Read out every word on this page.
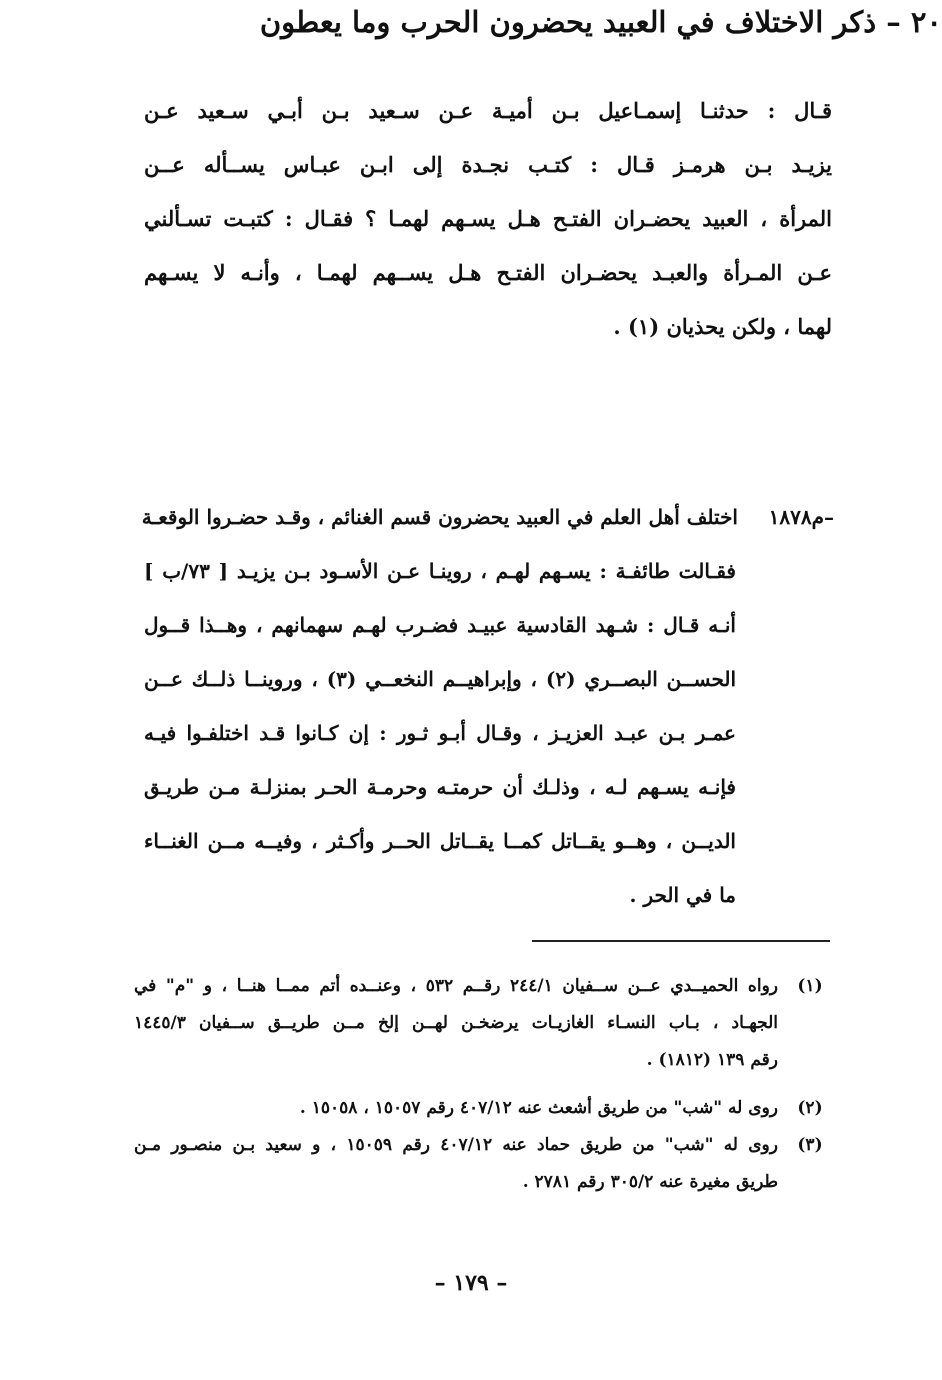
قـال : حدثنـا إسمـاعيل بـن أميـة عـن سـعيد بـن أبـي سـعيد عـن
يزيـد بـن هرمـز قـال : كتـب نجـدة إلى ابـن عبـاس يســأله عــن
المرأة ، العبيد يحضـران الفتـح هـل يسـهم لهمـا ؟ فقـال : كتبـت تسـألني
عـن المـرأة والعبـد يحضـران الفتـح هـل يســهم لهمـا ، وأنـه لا يسـهم
لهما ، ولكن يحذيان (١) .
٢٠ – ذكر الاختلاف في العبيد يحضرون الحرب وما يعطون
م١٨٧٨–
اختلف أهل العلم في العبيد يحضرون قسم الغنائم ، وقـد حضـروا الوقعـة
فقـالت طائفـة : يسـهم لهـم ، روينـا عـن الأسـود بـن يزيـد [ ٧٣/ب ]
أنـه قـال : شـهد القادسية عبيـد فضـرب لهـم سهمانهم ، وهــذا قــول
الحســن البصــري (٢) ، وإبراهيــم النخعــي (٣) ، وروينــا ذلــك عــن
عمـر بـن عبـد العزيـز ، وقـال أبـو ثـور : إن كـانوا قـد اختلفـوا فيـه
فإنـه يسـهم لـه ، وذلـك أن حرمتـه وحرمـة الحـر بمنزلـة مـن طريـق
الديــن ، وهــو يقــاتل كمــا يقــاتل الحــر وأكـثر ، وفيــه مــن الغنــاء
ما في الحر .
(١)
رواه الحميــدي عــن ســفيان ٢٤٤/١ رقــم ٥٣٢ ، وعنــده أتم ممــا هنــا ، و "م" في
الجهـاد ، بـاب النسـاء الغازيـات يرضخـن لهــن إلخ مــن طريــق ســفيان ١٤٤٥/٣
رقم ١٣٩ (١٨١٢) .
(٢)
روى له "شب" من طريق أشعث عنه ٤٠٧/١٢ رقم ١٥٠٥٧ ، ١٥٠٥٨ .
(٣)
روى له "شب" من طريق حماد عنه ٤٠٧/١٢ رقم ١٥٠٥٩ ، و سعيد بـن منصـور مـن
طريق مغيرة عنه ٣٠٥/٢ رقم ٢٧٨١ .
– ١٧٩ –
